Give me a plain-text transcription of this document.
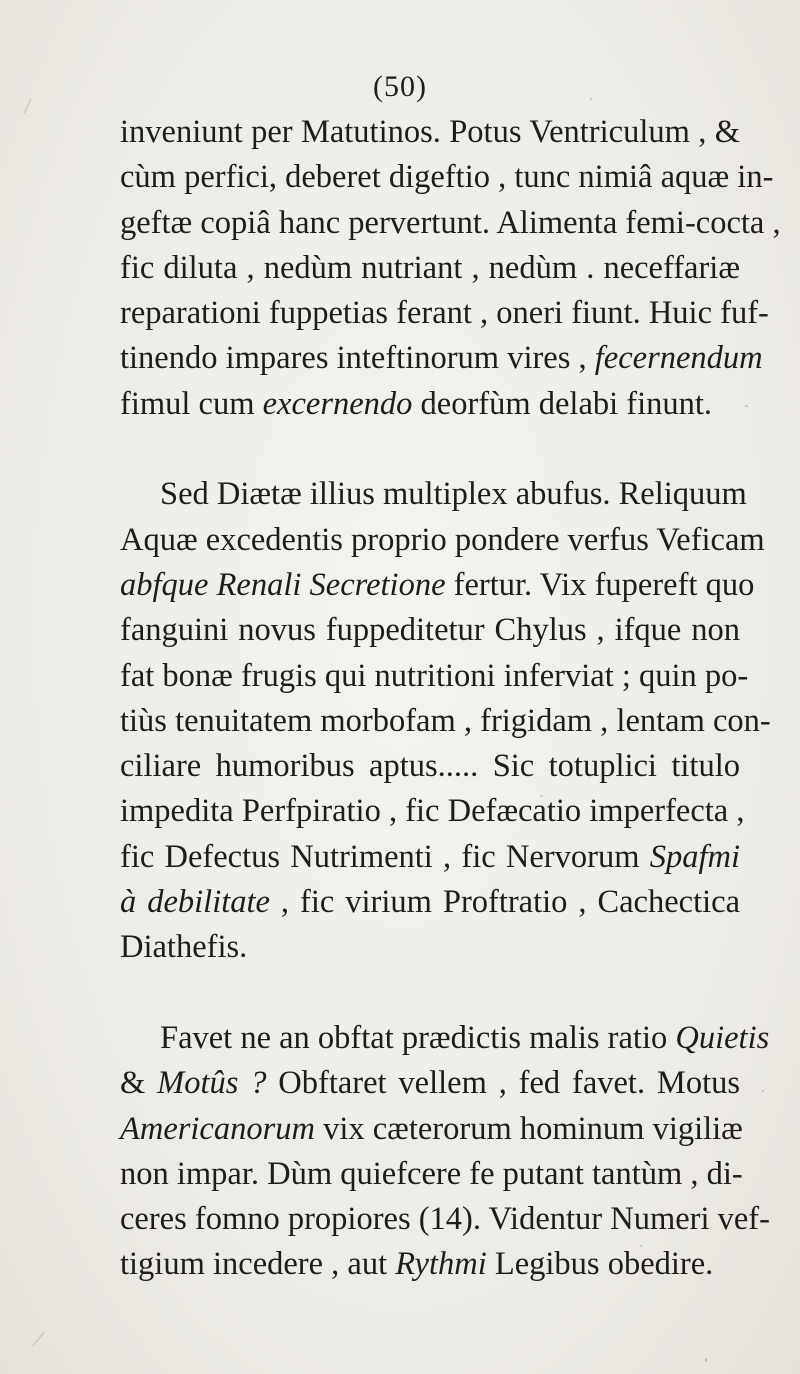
(50)
inveniunt per Matutinos. Potus Ventriculum , &
cùm perfici, deberet digeftio , tunc nimiâ aquæ in-
geftæ copiâ hanc pervertunt. Alimenta femi-cocta ,
fic diluta , nedùm nutriant , nedùm . neceffariæ
reparationi fuppetias ferant , oneri fiunt. Huic fuf-
tinendo impares inteftinorum vires , fecernendum
fimul cum excernendo deorfùm delabi finunt.
Sed Diætæ illius multiplex abufus. Reliquum
Aquæ excedentis proprio pondere verfus Veficam
abfque Renali Secretione fertur. Vix fupereft quo
fanguini novus fuppeditetur Chylus , ifque non
fat bonæ frugis qui nutritioni inferviat ; quin po-
tiùs tenuitatem morbofam , frigidam , lentam con-
ciliare humoribus aptus..... Sic totuplici titulo
impedita Perfpiratio , fic Defæcatio imperfecta ,
fic Defectus Nutrimenti , fic Nervorum Spafmi
à debilitate , fic virium Proftratio , Cachectica
Diathefis.
Favet ne an obftat prædictis malis ratio Quietis
& Motûs ? Obftaret vellem , fed favet. Motus
Americanorum vix cæterorum hominum vigiliæ
non impar. Dùm quiefcere fe putant tantùm , di-
ceres fomno propiores (14). Videntur Numeri vef-
tigium incedere , aut Rythmi Legibus obedire.
